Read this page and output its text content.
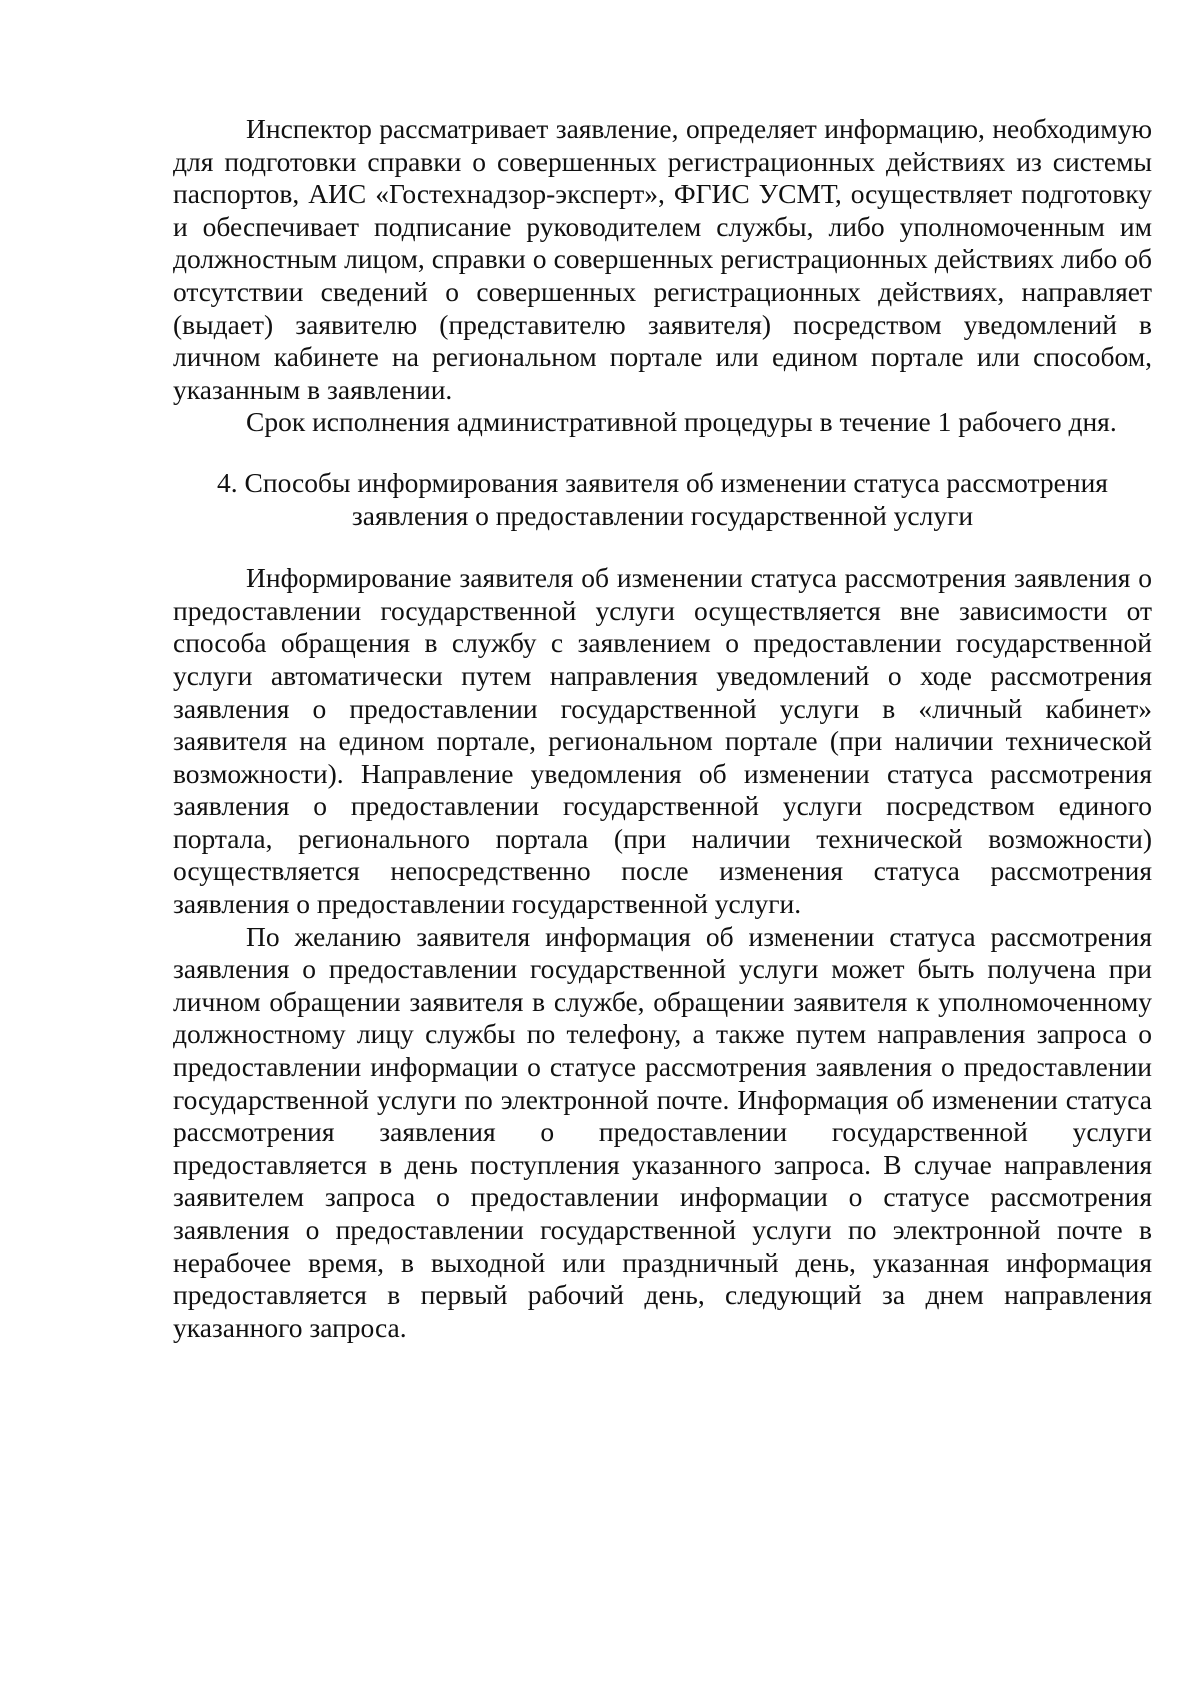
Инспектор рассматривает заявление, определяет информацию, необходимую для подготовки справки о совершенных регистрационных действиях из системы паспортов, АИС «Гостехнадзор-эксперт», ФГИС УСМТ, осуществляет подготовку и обеспечивает подписание руководителем службы, либо уполномоченным им должностным лицом, справки о совершенных регистрационных действиях либо об отсутствии сведений о совершенных регистрационных действиях, направляет (выдает) заявителю (представителю заявителя) посредством уведомлений в личном кабинете на региональном портале или едином портале или способом, указанным в заявлении.

Срок исполнения административной процедуры в течение 1 рабочего дня.

4. Способы информирования заявителя об изменении статуса рассмотрения
заявления о предоставлении государственной услуги

Информирование заявителя об изменении статуса рассмотрения заявления о предоставлении государственной услуги осуществляется вне зависимости от способа обращения в службу с заявлением о предоставлении государственной услуги автоматически путем направления уведомлений о ходе рассмотрения заявления о предоставлении государственной услуги в «личный кабинет» заявителя на едином портале, региональном портале (при наличии технической возможности). Направление уведомления об изменении статуса рассмотрения заявления о предоставлении государственной услуги посредством единого портала, регионального портала (при наличии технической возможности) осуществляется непосредственно после изменения статуса рассмотрения заявления о предоставлении государственной услуги.

По желанию заявителя информация об изменении статуса рассмотрения заявления о предоставлении государственной услуги может быть получена при личном обращении заявителя в службе, обращении заявителя к уполномоченному должностному лицу службы по телефону, а также путем направления запроса о предоставлении информации о статусе рассмотрения заявления о предоставлении государственной услуги по электронной почте. Информация об изменении статуса рассмотрения заявления о предоставлении государственной услуги предоставляется в день поступления указанного запроса. В случае направления заявителем запроса о предоставлении информации о статусе рассмотрения заявления о предоставлении государственной услуги по электронной почте в нерабочее время, в выходной или праздничный день, указанная информация предоставляется в первый рабочий день, следующий за днем направления указанного запроса.
